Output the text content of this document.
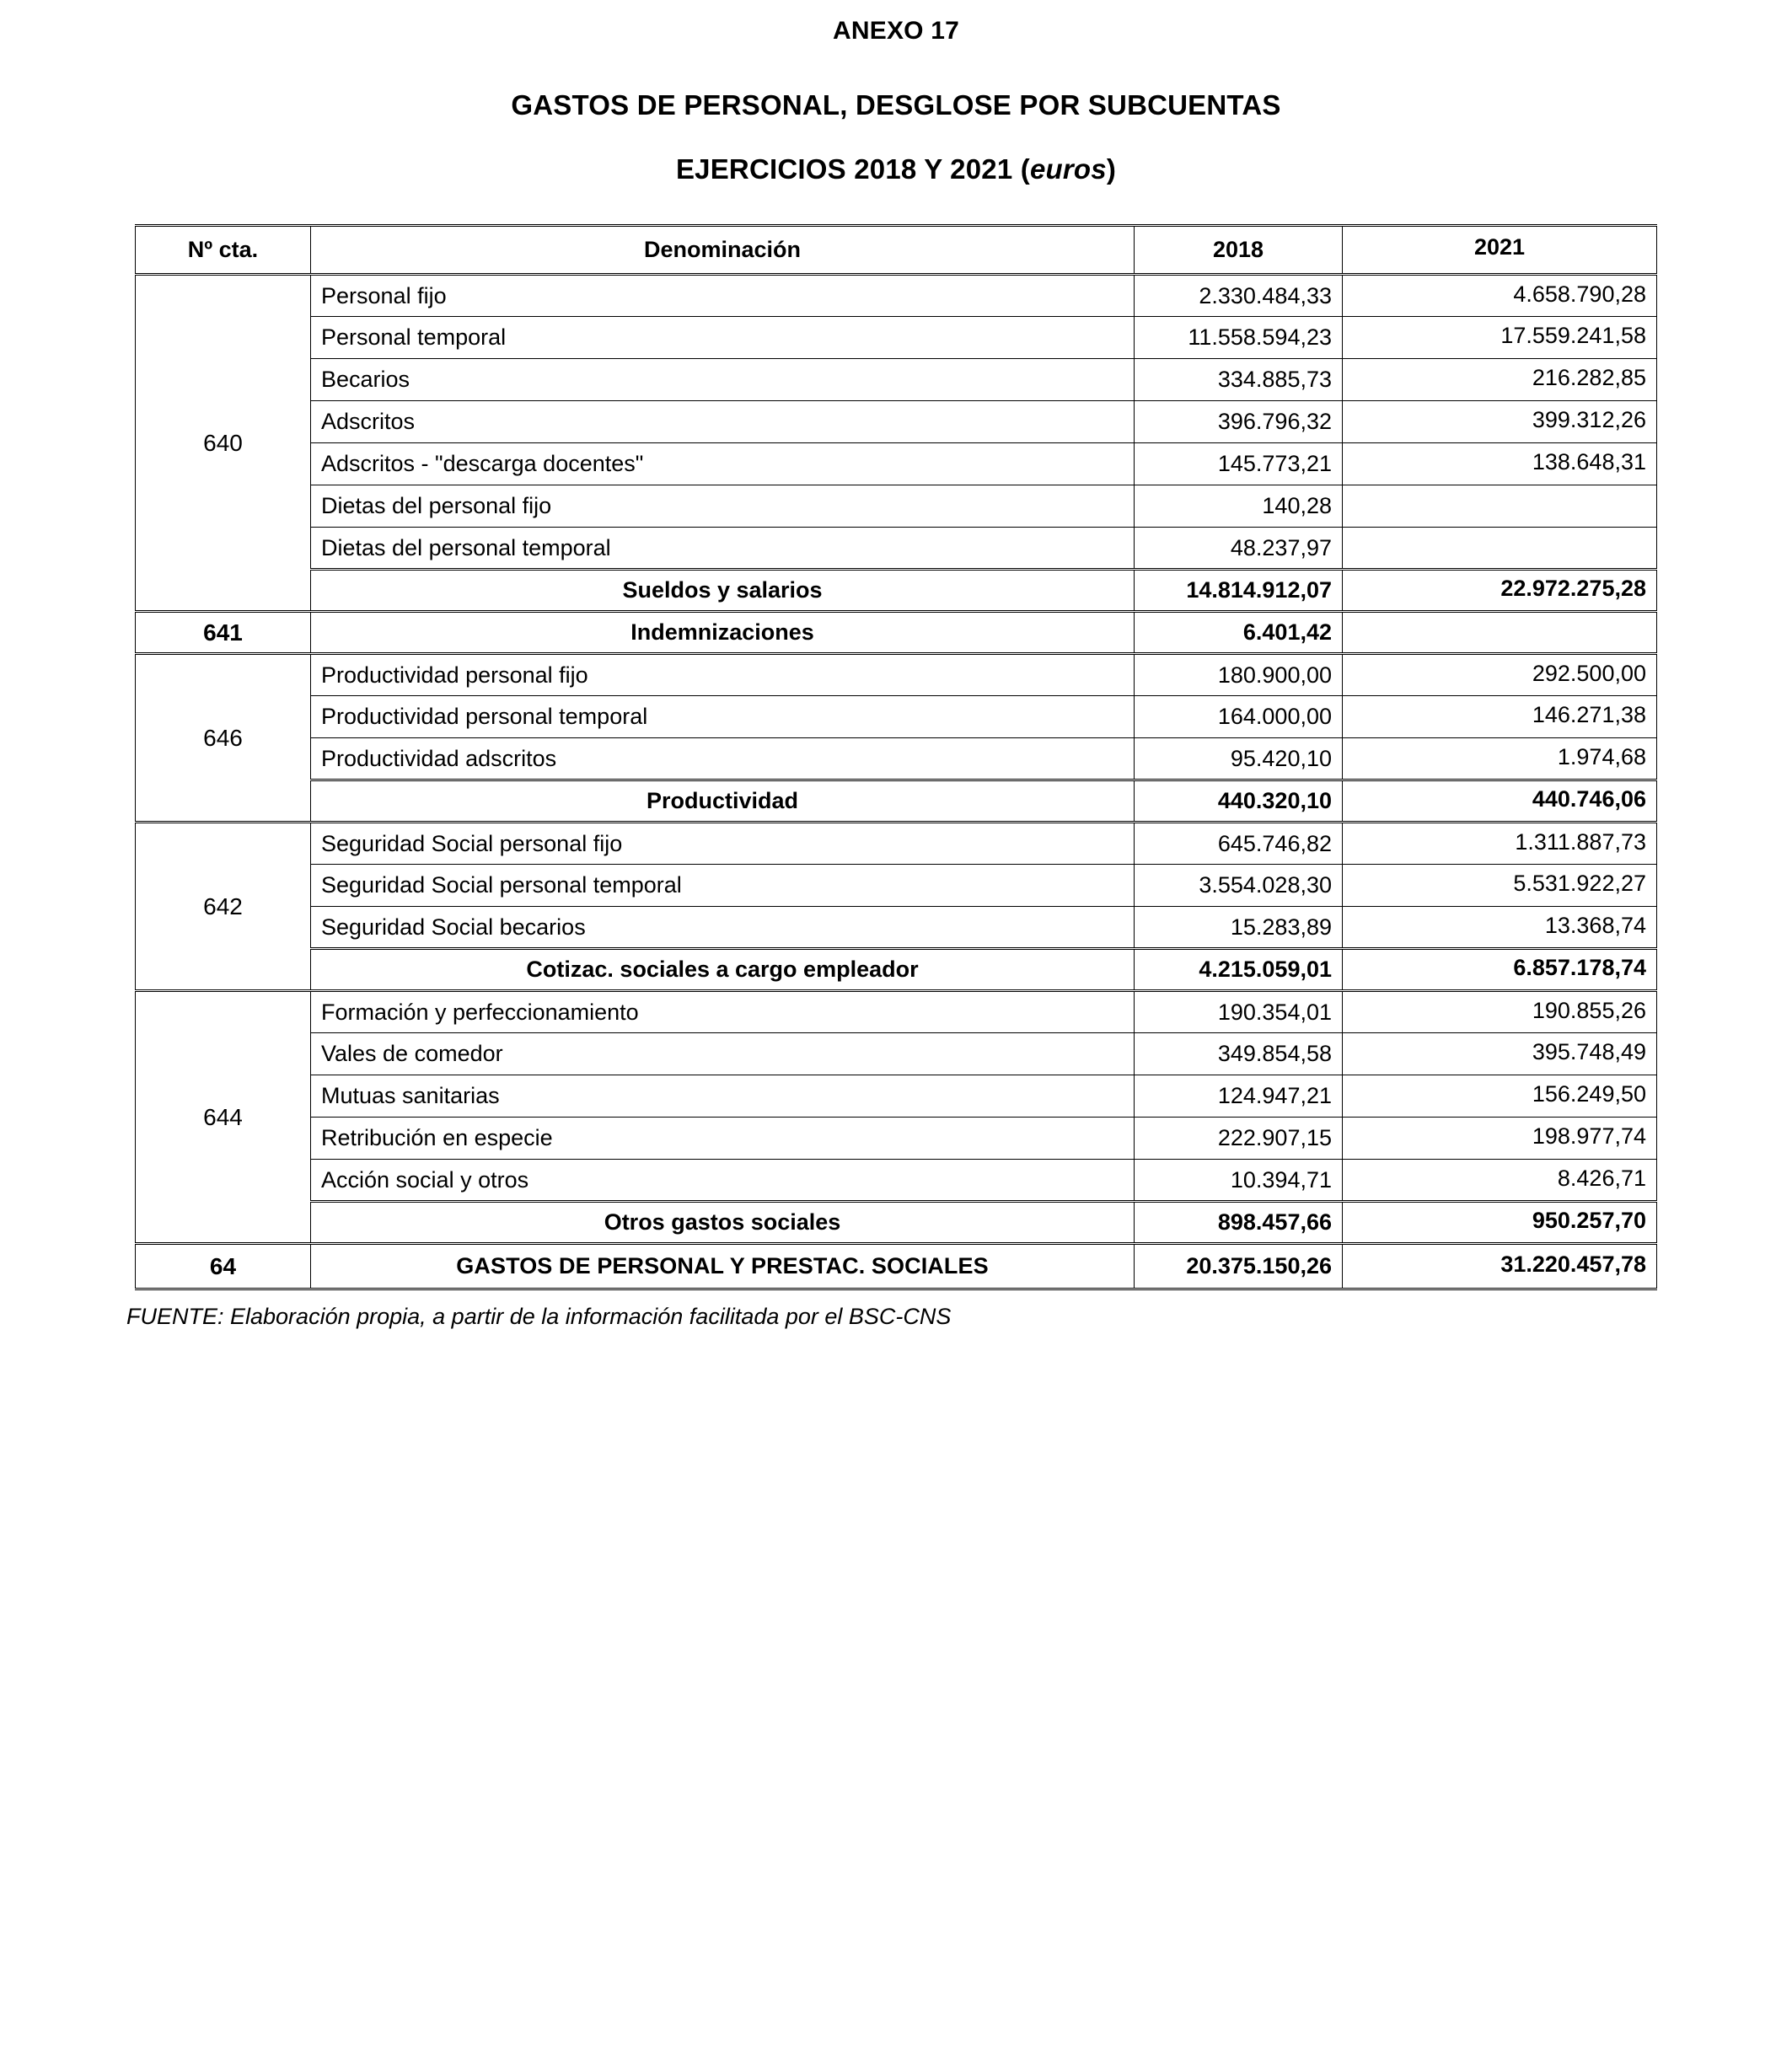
ANEXO 17
GASTOS DE PERSONAL, DESGLOSE POR SUBCUENTAS
EJERCICIOS 2018 Y 2021 (euros)
Nº cta.	Denominación	2018	2021
640	Personal fijo	2.330.484,33	4.658.790,28
	Personal temporal	11.558.594,23	17.559.241,58
	Becarios	334.885,73	216.282,85
	Adscritos	396.796,32	399.312,26
	Adscritos - "descarga docentes"	145.773,21	138.648,31
	Dietas del personal fijo	140,28	
	Dietas del personal temporal	48.237,97	
	Sueldos y salarios	14.814.912,07	22.972.275,28
641	Indemnizaciones	6.401,42	
646	Productividad personal fijo	180.900,00	292.500,00
	Productividad personal temporal	164.000,00	146.271,38
	Productividad adscritos	95.420,10	1.974,68
	Productividad	440.320,10	440.746,06
642	Seguridad Social personal fijo	645.746,82	1.311.887,73
	Seguridad Social personal temporal	3.554.028,30	5.531.922,27
	Seguridad Social becarios	15.283,89	13.368,74
	Cotizac. sociales a cargo empleador	4.215.059,01	6.857.178,74
644	Formación y perfeccionamiento	190.354,01	190.855,26
	Vales de comedor	349.854,58	395.748,49
	Mutuas sanitarias	124.947,21	156.249,50
	Retribución en especie	222.907,15	198.977,74
	Acción social y otros	10.394,71	8.426,71
	Otros gastos sociales	898.457,66	950.257,70
64	GASTOS DE PERSONAL Y PRESTAC. SOCIALES	20.375.150,26	31.220.457,78
FUENTE: Elaboración propia, a partir de la información facilitada por el BSC-CNS
